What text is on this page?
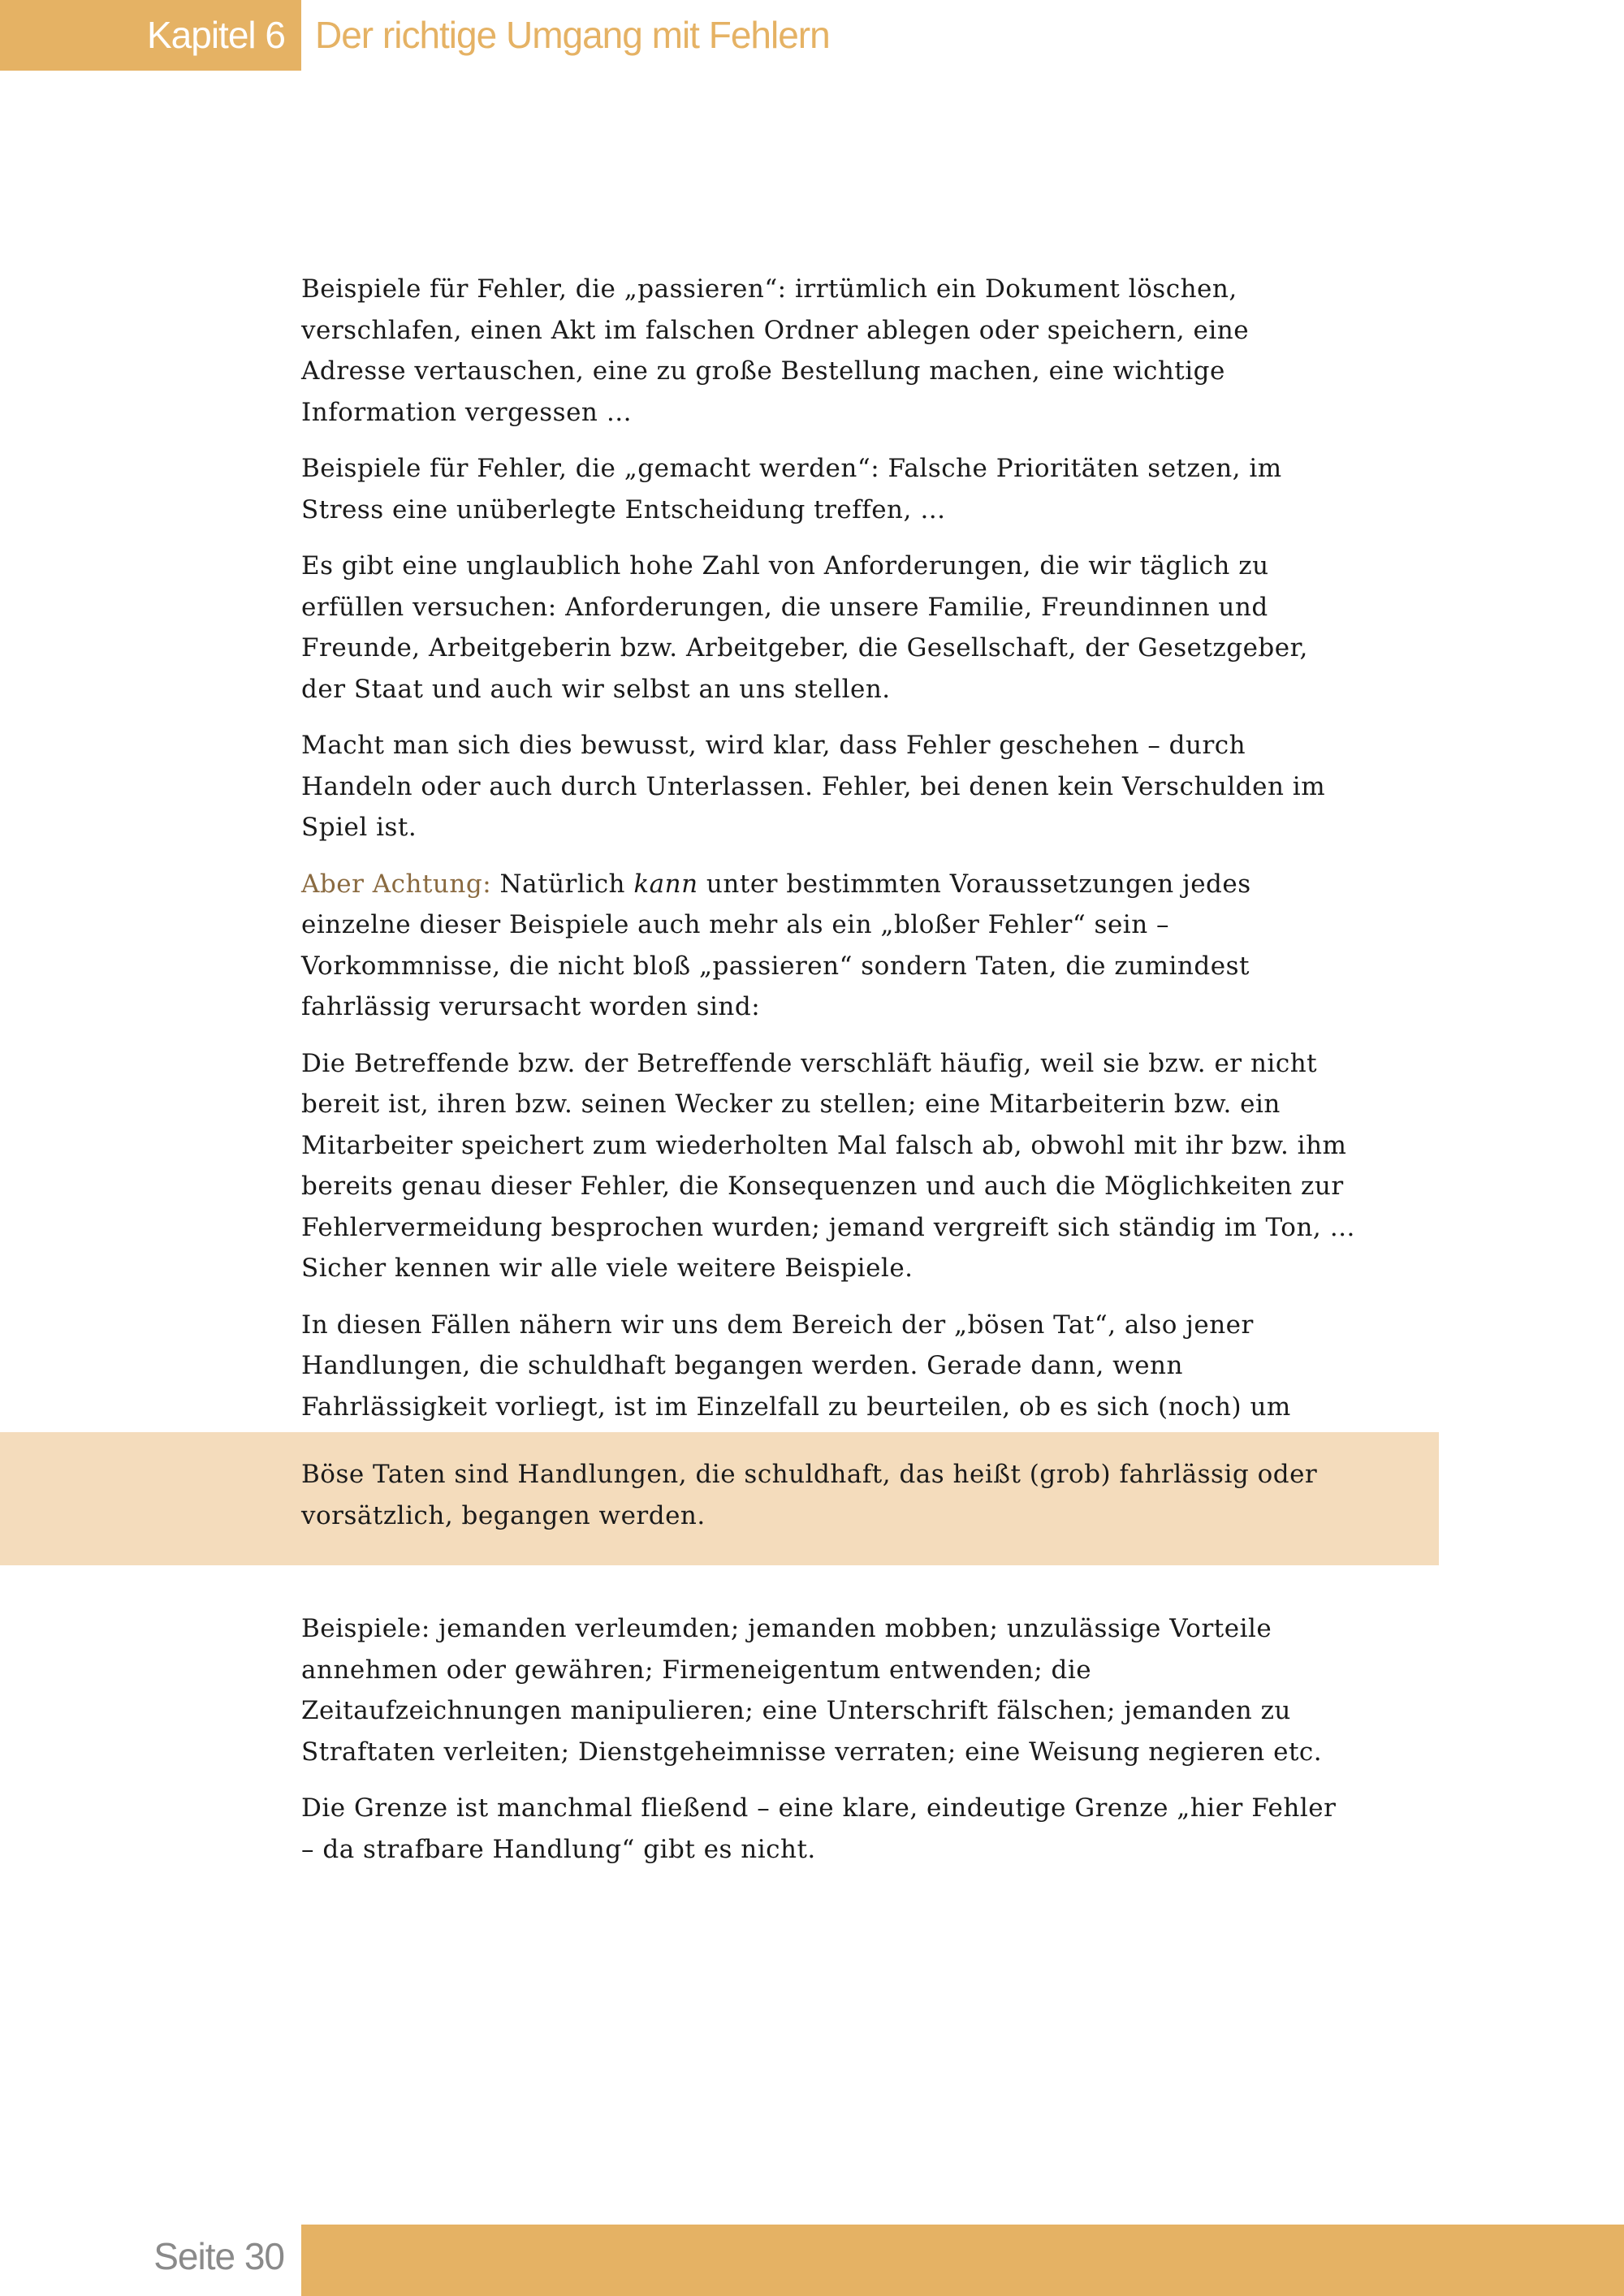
Kapitel 6 Der richtige Umgang mit Fehlern

Beispiele für Fehler, die „passieren“: irrtümlich ein Dokument löschen, verschlafen, einen Akt im falschen Ordner ablegen oder speichern, eine Adresse vertauschen, eine zu große Bestellung machen, eine wichtige Information vergessen …

Beispiele für Fehler, die „gemacht werden“: Falsche Prioritäten setzen, im Stress eine unüberlegte Entscheidung treffen, …

Es gibt eine unglaublich hohe Zahl von Anforderungen, die wir täglich zu erfüllen versuchen: Anforderungen, die unsere Familie, Freundinnen und Freunde, Arbeitgeberin bzw. Arbeitgeber, die Gesellschaft, der Gesetzgeber, der Staat und auch wir selbst an uns stellen.

Macht man sich dies bewusst, wird klar, dass Fehler geschehen – durch Handeln oder auch durch Unterlassen. Fehler, bei denen kein Verschulden im Spiel ist.

Aber Achtung: Natürlich kann unter bestimmten Voraussetzungen jedes einzelne dieser Beispiele auch mehr als ein „bloßer Fehler“ sein – Vorkommnisse, die nicht bloß „passieren“ sondern Taten, die zumindest fahrlässig verursacht worden sind:

Die Betreffende bzw. der Betreffende verschläft häufig, weil sie bzw. er nicht bereit ist, ihren bzw. seinen Wecker zu stellen; eine Mitarbeiterin bzw. ein Mitarbeiter speichert zum wiederholten Mal falsch ab, obwohl mit ihr bzw. ihm bereits genau dieser Fehler, die Konsequenzen und auch die Möglichkeiten zur Fehlervermeidung besprochen wurden; jemand vergreift sich ständig im Ton, … Sicher kennen wir alle viele weitere Beispiele.

In diesen Fällen nähern wir uns dem Bereich der „bösen Tat“, also jener Handlungen, die schuldhaft begangen werden. Gerade dann, wenn Fahrlässigkeit vorliegt, ist im Einzelfall zu beurteilen, ob es sich (noch) um

Böse Taten sind Handlungen, die schuldhaft, das heißt (grob) fahrlässig oder vorsätzlich, begangen werden.

Beispiele: jemanden verleumden; jemanden mobben; unzulässige Vorteile annehmen oder gewähren; Firmeneigentum entwenden; die Zeitaufzeichnungen manipulieren; eine Unterschrift fälschen; jemanden zu Straftaten verleiten; Dienstgeheimnisse verraten; eine Weisung negieren etc.

Die Grenze ist manchmal fließend – eine klare, eindeutige Grenze „hier Fehler – da strafbare Handlung“ gibt es nicht.

Seite 30
